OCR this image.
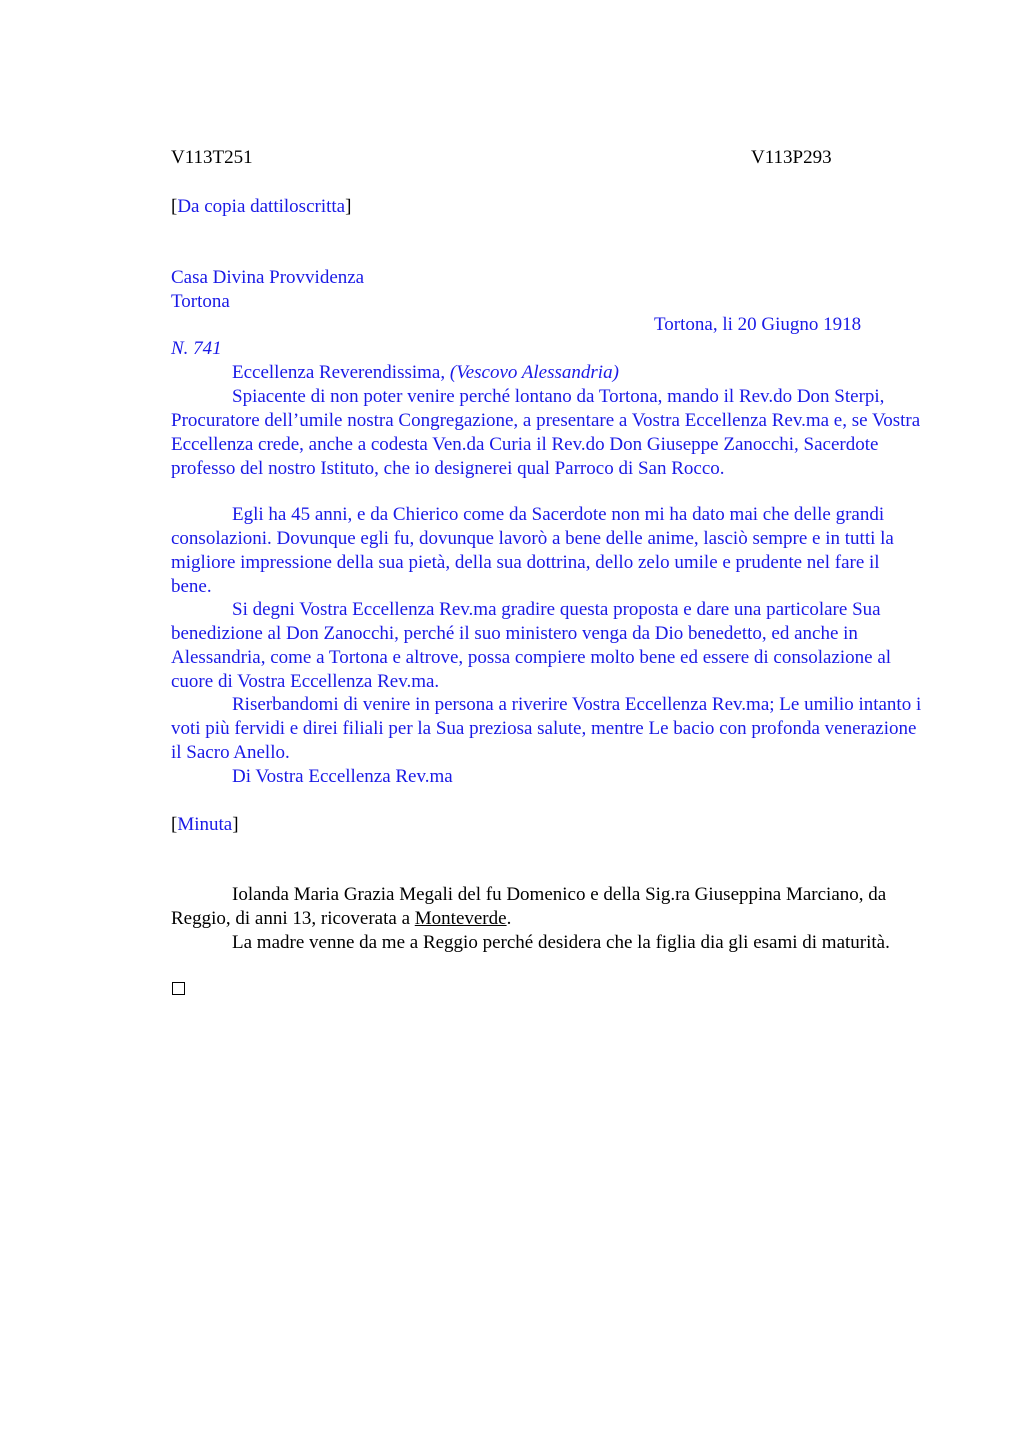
V113T251	V113P293
[Da copia dattiloscritta]
Casa Divina Provvidenza
Tortona
Tortona, li 20 Giugno 1918
N. 741
Eccellenza Reverendissima, (Vescovo Alessandria)

Spiacente di non poter venire perché lontano da Tortona, mando il Rev.do Don Sterpi, Procuratore dell’umile nostra Congregazione, a presentare a Vostra Eccellenza Rev.ma e, se Vostra Eccellenza crede, anche a codesta Ven.da Curia il Rev.do Don Giuseppe Zanocchi, Sacerdote professo del nostro Istituto, che io designerei qual Parroco di San Rocco.

Egli ha 45 anni, e da Chierico come da Sacerdote non mi ha dato mai che delle grandi consolazioni. Dovunque egli fu, dovunque lavorò a bene delle anime, lasciò sempre e in tutti la migliore impressione della sua pietà, della sua dottrina, dello zelo umile e prudente nel fare il bene.

Si degni Vostra Eccellenza Rev.ma gradire questa proposta e dare una particolare Sua benedizione al Don Zanocchi, perché il suo ministero venga da Dio benedetto, ed anche in Alessandria, come a Tortona e altrove, possa compiere molto bene ed essere di consolazione al cuore di Vostra Eccellenza Rev.ma.

Riserbandomi di venire in persona a riverire Vostra Eccellenza Rev.ma; Le umilio intanto i voti più fervidi e direi filiali per la Sua preziosa salute, mentre Le bacio con profonda venerazione il Sacro Anello.

Di Vostra Eccellenza Rev.ma
[Minuta]

Iolanda Maria Grazia Megali del fu Domenico e della Sig.ra Giuseppina Marciano, da Reggio, di anni 13, ricoverata a Monteverde.

La madre venne da me a Reggio perché desidera che la figlia dia gli esami di maturità.
